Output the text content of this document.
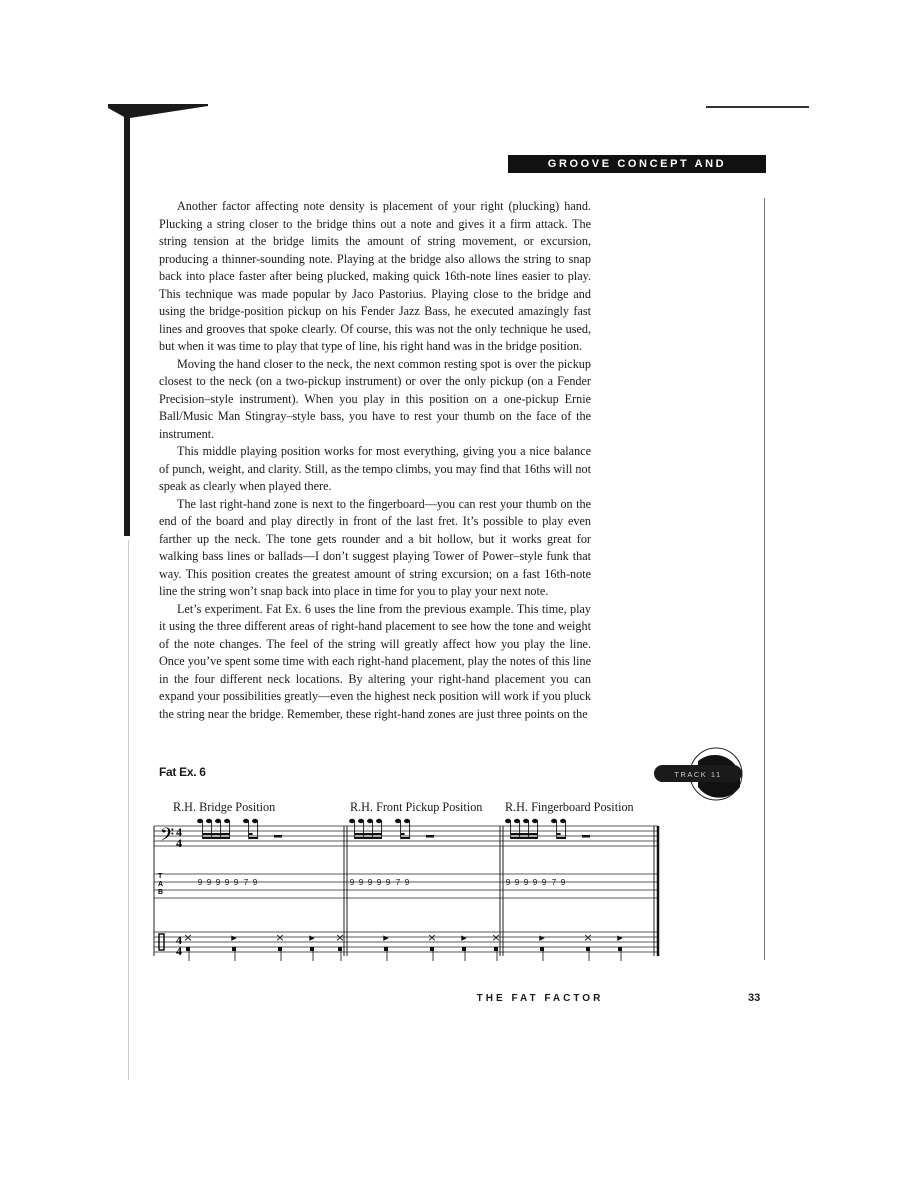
GROOVE CONCEPT AND DEVELOPMENT

Another factor affecting note density is placement of your right (plucking) hand. Plucking a string closer to the bridge thins out a note and gives it a firm attack. The string tension at the bridge limits the amount of string movement, or excursion, producing a thinner-sounding note. Playing at the bridge also allows the string to snap back into place faster after being plucked, making quick 16th-note lines easier to play. This technique was made popular by Jaco Pastorius. Playing close to the bridge and using the bridge-position pickup on his Fender Jazz Bass, he executed amazingly fast lines and grooves that spoke clearly. Of course, this was not the only technique he used, but when it was time to play that type of line, his right hand was in the bridge position.

Moving the hand closer to the neck, the next common resting spot is over the pickup closest to the neck (on a two-pickup instrument) or over the only pickup (on a Fender Precision–style instrument). When you play in this position on a one-pickup Ernie Ball/Music Man Stingray–style bass, you have to rest your thumb on the face of the instrument.

This middle playing position works for most everything, giving you a nice balance of punch, weight, and clarity. Still, as the tempo climbs, you may find that 16ths will not speak as clearly when played there.

The last right-hand zone is next to the fingerboard—you can rest your thumb on the end of the board and play directly in front of the last fret. It’s possible to play even farther up the neck. The tone gets rounder and a bit hollow, but it works great for walking bass lines or ballads—I don’t suggest playing Tower of Power–style funk that way. This position creates the greatest amount of string excursion; on a fast 16th-note line the string won’t snap back into place in time for you to play your next note.

Let’s experiment. Fat Ex. 6 uses the line from the previous example. This time, play it using the three different areas of right-hand placement to see how the tone and weight of the note changes. The feel of the string will greatly affect how you play the line. Once you’ve spent some time with each right-hand placement, play the notes of this line in the four different neck locations. By altering your right-hand placement you can expand your possibilities greatly—even the highest neck position will work if you pluck the string near the bridge. Remember, these right-hand zones are just three points on the

Fat Ex. 6	TRACK 11
R.H. Bridge Position	R.H. Front Pickup Position R.H. Fingerboard Position
𝄢 4
4
T
A
B
4
4
9 9 9 9 9 7 9
×	▸	× ▸
9 9 9 9 9 7 9
×	▸	× ▸
9 9 9 9 9 7 9
×	▸	× ▸
THE FAT FACTOR	33
